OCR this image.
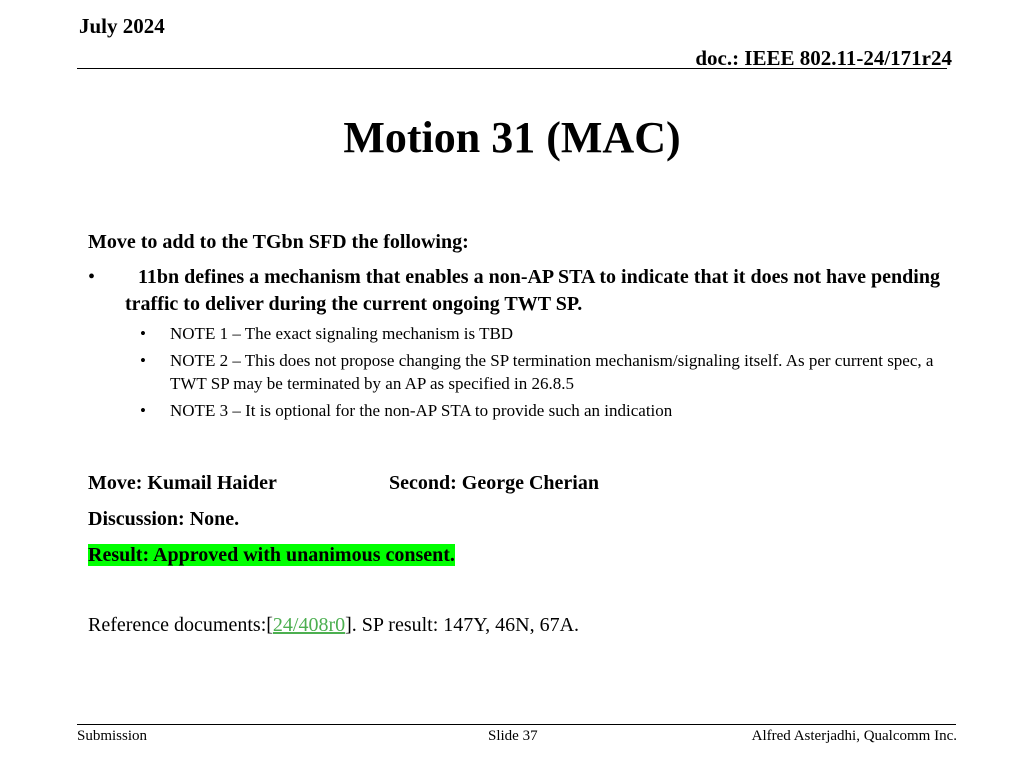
July 2024
doc.: IEEE 802.11-24/171r24
Motion 31 (MAC)
Move to add to the TGbn SFD the following:
• 11bn defines a mechanism that enables a non-AP STA to indicate that it does not have pending traffic to deliver during the current ongoing TWT SP.
• NOTE 1 – The exact signaling mechanism is TBD
• NOTE 2 – This does not propose changing the SP termination mechanism/signaling itself. As per current spec, a TWT SP may be terminated by an AP as specified in 26.8.5
• NOTE 3 – It is optional for the non-AP STA to provide such an indication
Move: Kumail Haider	Second: George Cherian
Discussion: None.
Result: Approved with unanimous consent.
Reference documents:[24/408r0]. SP result: 147Y, 46N, 67A.
Submission	Slide 37	Alfred Asterjadhi, Qualcomm Inc.
